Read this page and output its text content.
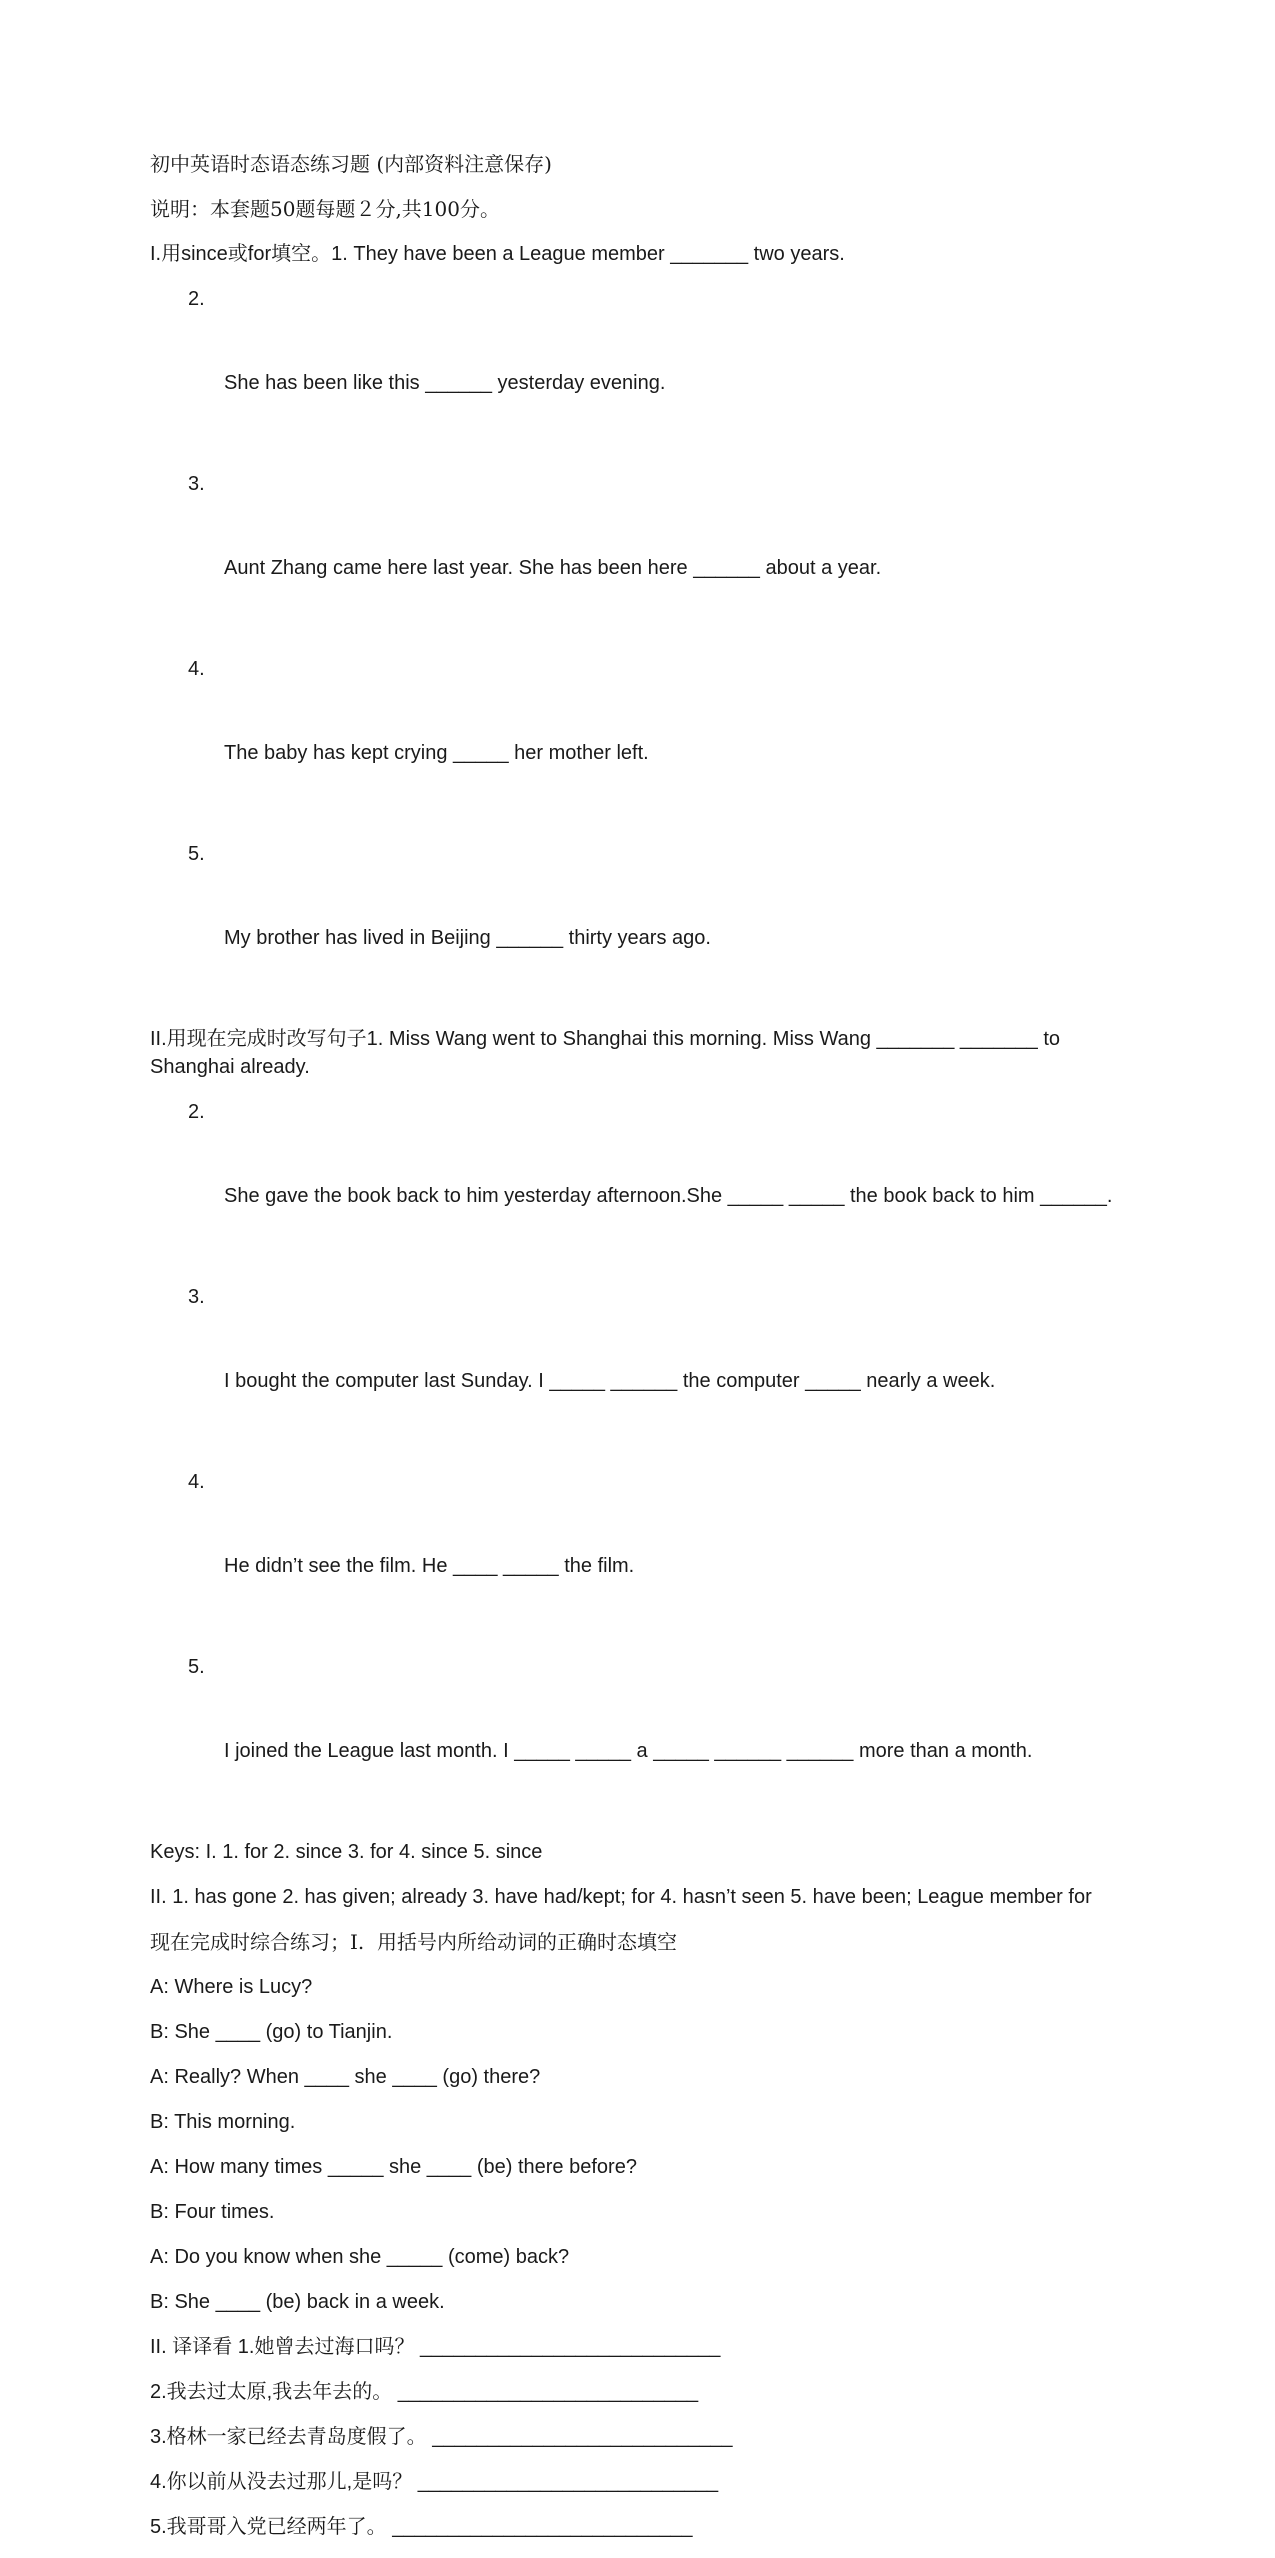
初中英语时态语态练习题 (内部资料注意保存)
说明：本套题50题每题２分,共100分。
I.用since或for填空。1. They have been a League member _______ two years.

2.

She has been like this ______ yesterday evening.

3.

Aunt Zhang came here last year. She has been here ______ about a year.

4.

The baby has kept crying _____ her mother left.

5.

My brother has lived in Beijing ______ thirty years ago.

II.用现在完成时改写句子1. Miss Wang went to Shanghai this morning. Miss Wang _______ _______ to Shanghai already.

2.

She gave the book back to him yesterday afternoon.She _____ _____ the book back to him ______.

3.

I bought the computer last Sunday. I _____ ______ the computer _____ nearly a week.

4.

He didn’t see the film. He ____ _____ the film.

5.

I joined the League last month. I _____ _____ a _____ ______ ______ more than a month.

Keys: I. 1. for 2. since 3. for 4. since 5. since
II. 1. has gone 2. has given; already 3. have had/kept; for 4. hasn’t seen 5. have been; League member for
现在完成时综合练习；I.  用括号内所给动词的正确时态填空
A: Where is Lucy?
B: She ____ (go) to Tianjin.
A: Really? When ____ she ____ (go) there?
B: This morning.
A: How many times _____ she ____ (be) there before?
B: Four times.
A: Do you know when she _____ (come) back?
B: She ____ (be) back in a week.
II. 译译看 1.她曾去过海口吗？ ___________________________
2.我去过太原,我去年去的。 ___________________________
3.格林一家已经去青岛度假了。 ___________________________
4.你以前从没去过那儿,是吗？ ___________________________
5.我哥哥入党已经两年了。 ___________________________
